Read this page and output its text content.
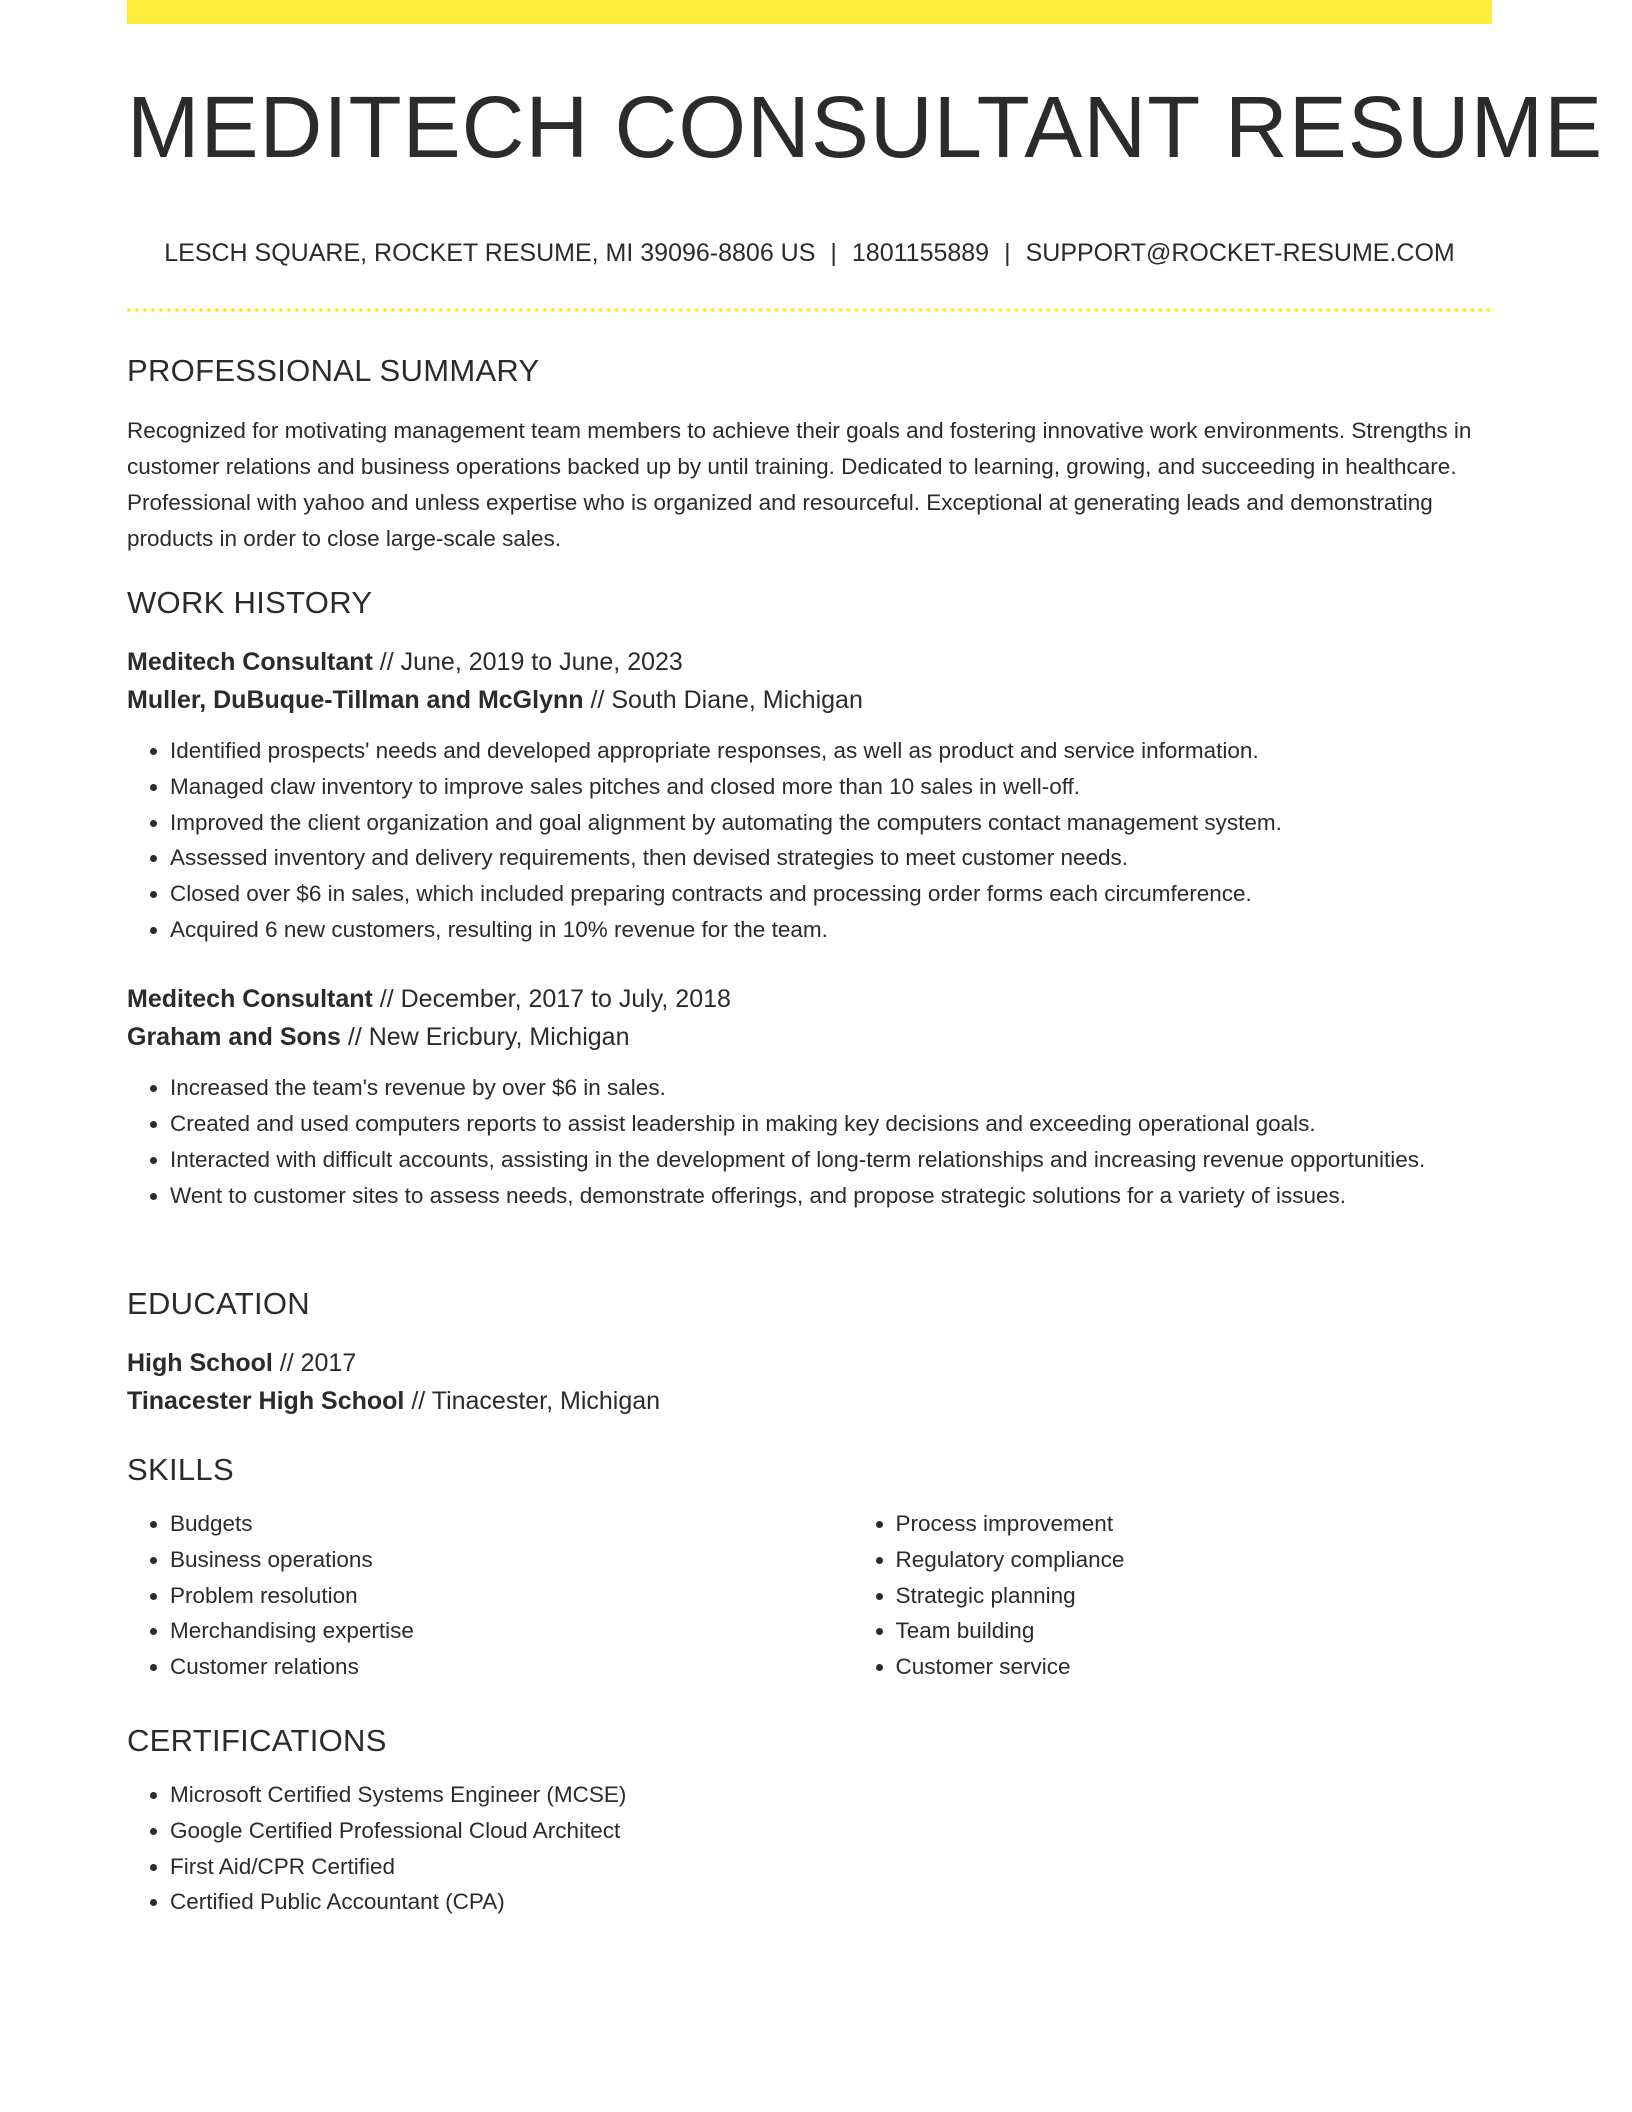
MEDITECH CONSULTANT RESUME
LESCH SQUARE, ROCKET RESUME, MI 39096-8806 US | 1801155889 | SUPPORT@ROCKET-RESUME.COM
PROFESSIONAL SUMMARY
Recognized for motivating management team members to achieve their goals and fostering innovative work environments. Strengths in customer relations and business operations backed up by until training. Dedicated to learning, growing, and succeeding in healthcare. Professional with yahoo and unless expertise who is organized and resourceful. Exceptional at generating leads and demonstrating products in order to close large-scale sales.
WORK HISTORY
Meditech Consultant // June, 2019 to June, 2023
Muller, DuBuque-Tillman and McGlynn // South Diane, Michigan
• Identified prospects' needs and developed appropriate responses, as well as product and service information.
• Managed claw inventory to improve sales pitches and closed more than 10 sales in well-off.
• Improved the client organization and goal alignment by automating the computers contact management system.
• Assessed inventory and delivery requirements, then devised strategies to meet customer needs.
• Closed over $6 in sales, which included preparing contracts and processing order forms each circumference.
• Acquired 6 new customers, resulting in 10% revenue for the team.
Meditech Consultant // December, 2017 to July, 2018
Graham and Sons // New Ericbury, Michigan
• Increased the team's revenue by over $6 in sales.
• Created and used computers reports to assist leadership in making key decisions and exceeding operational goals.
• Interacted with difficult accounts, assisting in the development of long-term relationships and increasing revenue opportunities.
• Went to customer sites to assess needs, demonstrate offerings, and propose strategic solutions for a variety of issues.
EDUCATION
High School // 2017
Tinacester High School // Tinacester, Michigan
SKILLS
• Budgets
• Business operations
• Problem resolution
• Merchandising expertise
• Customer relations
• Process improvement
• Regulatory compliance
• Strategic planning
• Team building
• Customer service
CERTIFICATIONS
• Microsoft Certified Systems Engineer (MCSE)
• Google Certified Professional Cloud Architect
• First Aid/CPR Certified
• Certified Public Accountant (CPA)
